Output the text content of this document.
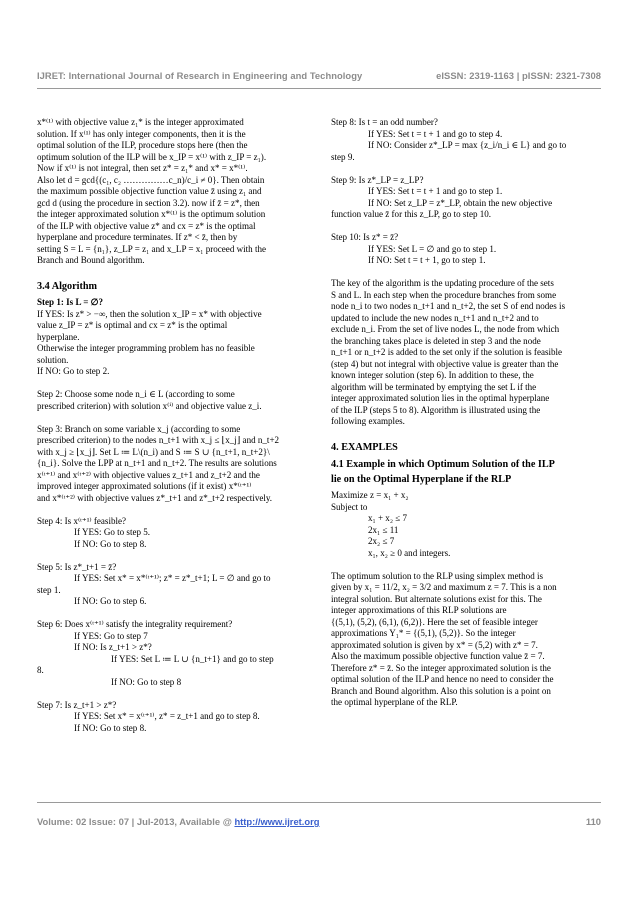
IJRET: International Journal of Research in Engineering and Technology	eISSN: 2319-1163 | pISSN: 2321-7308

x*⁽¹⁾ with objective value z₁* is the integer approximated

solution. If x⁽¹⁾ has only integer components, then it is the

optimal solution of the ILP, procedure stops here (then the

optimum solution of the ILP will be x_IP = x⁽¹⁾ with z_IP = z₁).

Now if x⁽¹⁾ is not integral, then set z* = z₁* and x* = x*⁽¹⁾.

Also let d = gcd{(c₁, c₂ ……………c_n)/c_i ≠ 0}. Then obtain

the maximum possible objective function value z̄ using z₁ and

gcd d (using the procedure in section 3.2). now if z̄ = z*, then

the integer approximated solution x*⁽¹⁾ is the optimum solution

of the ILP with objective value z* and cx = z* is the optimal

hyperplane and procedure terminates. If z* < z̄, then by

setting S = L = {n₁}, z_LP = z₁ and x_LP = x₁ proceed with the

Branch and Bound algorithm.

3.4 Algorithm

Step 1: Is L = ∅?

If YES: Is z* > −∞, then the solution x_IP = x* with objective

value z_IP = z* is optimal and cx = z* is the optimal

hyperplane.

Otherwise the integer programming problem has no feasible

solution.

If NO: Go to step 2.

Step 2: Choose some node n_i ∈ L (according to some

prescribed criterion) with solution x⁽ⁱ⁾ and objective value z_i.

Step 3: Branch on some variable x_j (according to some

prescribed criterion) to the nodes n_t+1 with x_j ≤ ⌊x_j⌋ and n_t+2

with x_j ≥ ⌊x_j⌋. Set L ≔ L\(n_i) and S ≔ S ∪ {n_t+1, n_t+2}\

{n_i}. Solve the LPP at n_t+1 and n_t+2. The results are solutions

x⁽ᵗ⁺¹⁾ and x⁽ᵗ⁺²⁾ with objective values z_t+1 and z_t+2 and the

improved integer approximated solutions (if it exist) x*⁽ᵗ⁺¹⁾

and x*⁽ᵗ⁺²⁾ with objective values z*_t+1 and z*_t+2 respectively.

Step 4: Is x⁽ᵗ⁺¹⁾ feasible?

If YES: Go to step 5.

If NO: Go to step 8.

Step 5: Is z*_t+1 = z̄?

If YES: Set x* = x*⁽ᵗ⁺¹⁾; z* = z*_t+1; L = ∅ and go to

step 1.

If NO: Go to step 6.

Step 6: Does x⁽ᵗ⁺¹⁾ satisfy the integrality requirement?

If YES: Go to step 7

If NO: Is z_t+1 > z*?

If YES: Set L ≔ L ∪ {n_t+1} and go to step

8.

If NO: Go to step 8

Step 7: Is z_t+1 > z*?

If YES: Set x* = x⁽ᵗ⁺¹⁾, z* = z_t+1 and go to step 8.

If NO: Go to step 8.

Step 8: Is t = an odd number?

If YES: Set t = t + 1 and go to step 4.

If NO: Consider z*_LP = max {z_i/n_i ∈ L} and go to

step 9.

Step 9: Is z*_LP = z_LP?

If YES: Set t = t + 1 and go to step 1.

If NO: Set z_LP = z*_LP, obtain the new objective

function value z̄ for this z_LP, go to step 10.

Step 10: Is z* = z̄?

If YES: Set L = ∅ and go to step 1.

If NO: Set t = t + 1, go to step 1.

The key of the algorithm is the updating procedure of the sets

S and L. In each step when the procedure branches from some

node n_i to two nodes n_t+1 and n_t+2, the set S of end nodes is

updated to include the new nodes n_t+1 and n_t+2 and to

exclude n_i. From the set of live nodes L, the node from which

the branching takes place is deleted in step 3 and the node

n_t+1 or n_t+2 is added to the set only if the solution is feasible

(step 4) but not integral with objective value is greater than the

known integer solution (step 6). In addition to these, the

algorithm will be terminated by emptying the set L if the

integer approximated solution lies in the optimal hyperplane

of the ILP (steps 5 to 8). Algorithm is illustrated using the

following examples.

4. EXAMPLES

4.1 Example in which Optimum Solution of the ILP

lie on the Optimal Hyperplane if the RLP

Maximize z = x₁ + x₂

Subject to

x₁ + x₂ ≤ 7

2x₁ ≤ 11

2x₂ ≤ 7

x₁, x₂ ≥ 0 and integers.

The optimum solution to the RLP using simplex method is

given by x₁ = 11/2, x₂ = 3/2 and maximum z = 7. This is a non

integral solution. But alternate solutions exist for this. The

integer approximations of this RLP solutions are

{(5,1), (5,2), (6,1), (6,2)}. Here the set of feasible integer

approximations Y₁* = {(5,1), (5,2)}. So the integer

approximated solution is given by x* = (5,2) with z* = 7.

Also the maximum possible objective function value z̄ = 7.

Therefore z* = z̄. So the integer approximated solution is the

optimal solution of the ILP and hence no need to consider the

Branch and Bound algorithm. Also this solution is a point on

the optimal hyperplane of the RLP.

Volume: 02 Issue: 07 | Jul-2013, Available @ http://www.ijret.org	110
